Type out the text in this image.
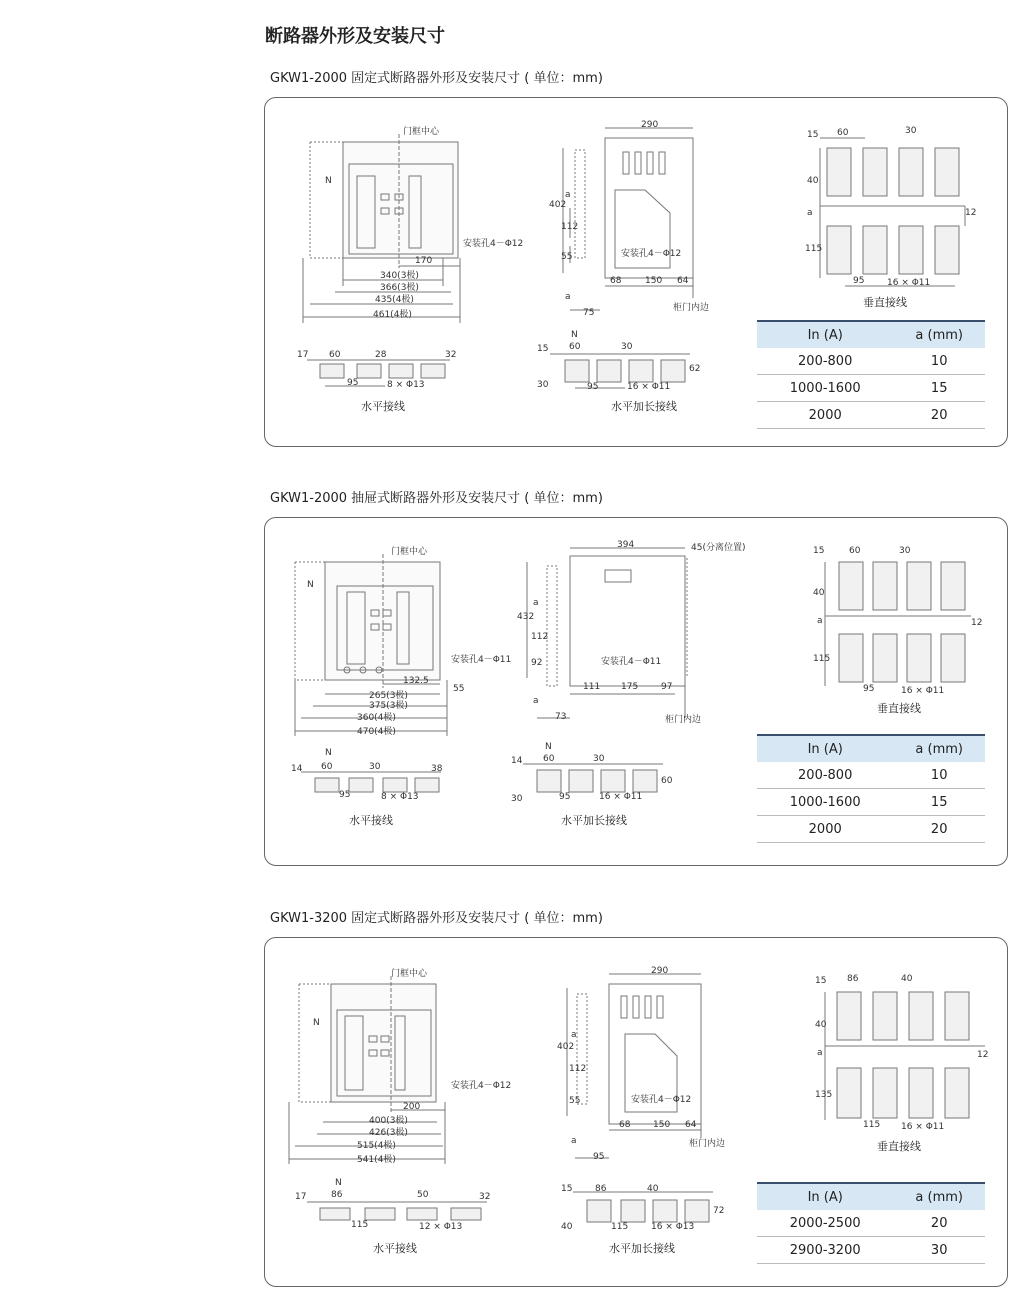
断路器外形及安装尺寸
GKW1-2000 固定式断路器外形及安装尺寸 ( 单位：mm)
门框中心
N
安装孔4－Φ12
170
340(3极)
366(3极)
435(4极)
461(4极)
290
402
112
55
a
a
安装孔4－Φ12
68	150 64
75	柜门内边
15 60	30
40
a	12
115
95	16 × Φ11
垂直接线
17 60	28	32
95	8 × Φ13
水平接线
N
15 60	30
30	95	16 × Φ11
62
水平加长接线
In (A)	a (mm)
200-800	10
1000-1600	15
2000	20
GKW1-2000 抽屉式断路器外形及安装尺寸 ( 单位：mm)
门框中心
N
安装孔4－Φ11
132.5
265(3极)
375(3极)
360(4极)
470(4极)
55
394	45(分离位置)
432
112
92
a
a
安装孔4－Φ11
111 175	97
73	柜门内边
15	60	30
40
a	12
115
95	16 × Φ11
垂直接线
N
14 60	30	38
95	8 × Φ13
水平接线
N
14 60	30
30	95	16 × Φ11
60
水平加长接线
In (A)	a (mm)
200-800	10
1000-1600	15
2000	20
GKW1-3200 固定式断路器外形及安装尺寸 ( 单位：mm)
门框中心
N
安装孔4－Φ12
200
400(3极)
426(3极)
515(4极)
541(4极)
290
402
112
55
a
a
安装孔4－Φ12
68	150 64
95
柜门内边
15 86	40
40
a	12
135
115 16 × Φ11
垂直接线
N
17	86	50	32
115	12 × Φ13
水平接线
15	86	40
40	115	16 × Φ13
72
水平加长接线
In (A)	a (mm)
2000-2500	20
2900-3200	30
